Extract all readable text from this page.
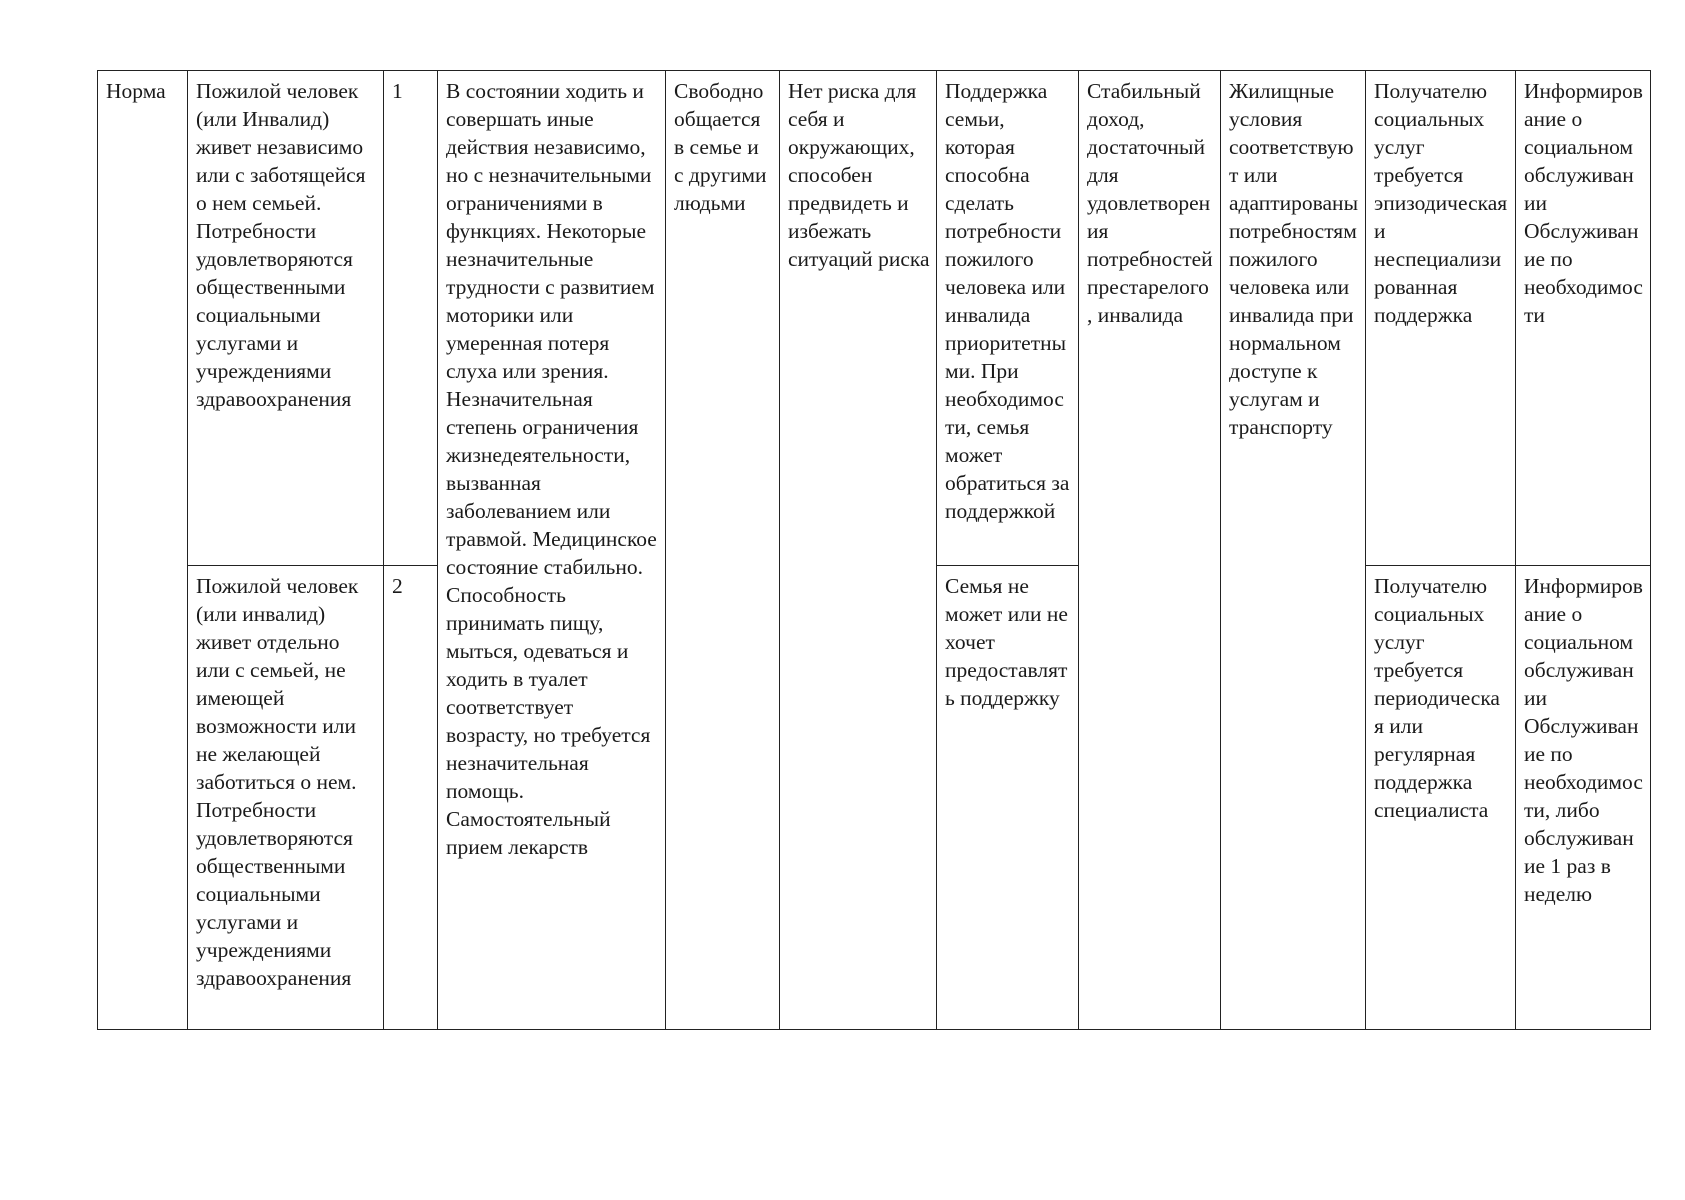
Норма	Пожилой человек (или Инвалид) живет независимо или с заботящейся о нем семьей. Потребности удовлетворяются общественными социальными услугами и учреждениями здравоохранения	1	В состоянии ходить и совершать иные действия независимо, но с незначительными ограничениями в функциях. Некоторые незначительные трудности с развитием моторики или умеренная потеря слуха или зрения. Незначительная степень ограничения жизнедеятельности, вызванная заболеванием или травмой. Медицинское состояние стабильно. Способность принимать пищу, мыться, одеваться и ходить в туалет соответствует возрасту, но требуется незначительная помощь. Самостоятельный прием лекарств	Свободно общается в семье и с другими людьми	Нет риска для себя и окружающих, способен предвидеть и избежать ситуаций риска	Поддержка семьи, которая способна сделать потребности пожилого человека или инвалида приоритетными. При необходимости, семья может обратиться за поддержкой	Стабильный доход, достаточный для удовлетворения потребностей престарелого, инвалида	Жилищные условия соответствуют или адаптированы потребностям пожилого человека или инвалида при нормальном доступе к услугам и транспорту	Получателю социальных услуг требуется эпизодическая и неспециализированная поддержка	Информирование о социальном обслуживании Обслуживание по необходимости
	Пожилой человек (или инвалид) живет отдельно или с семьей, не имеющей возможности или не желающей заботиться о нем. Потребности удовлетворяются общественными социальными услугами и учреждениями здравоохранения	2				Семья не может или не хочет предоставлять поддержку			Получателю социальных услуг требуется периодическая или регулярная поддержка специалиста	Информирование о социальном обслуживании Обслуживание по необходимости, либо обслуживание 1 раз в неделю
